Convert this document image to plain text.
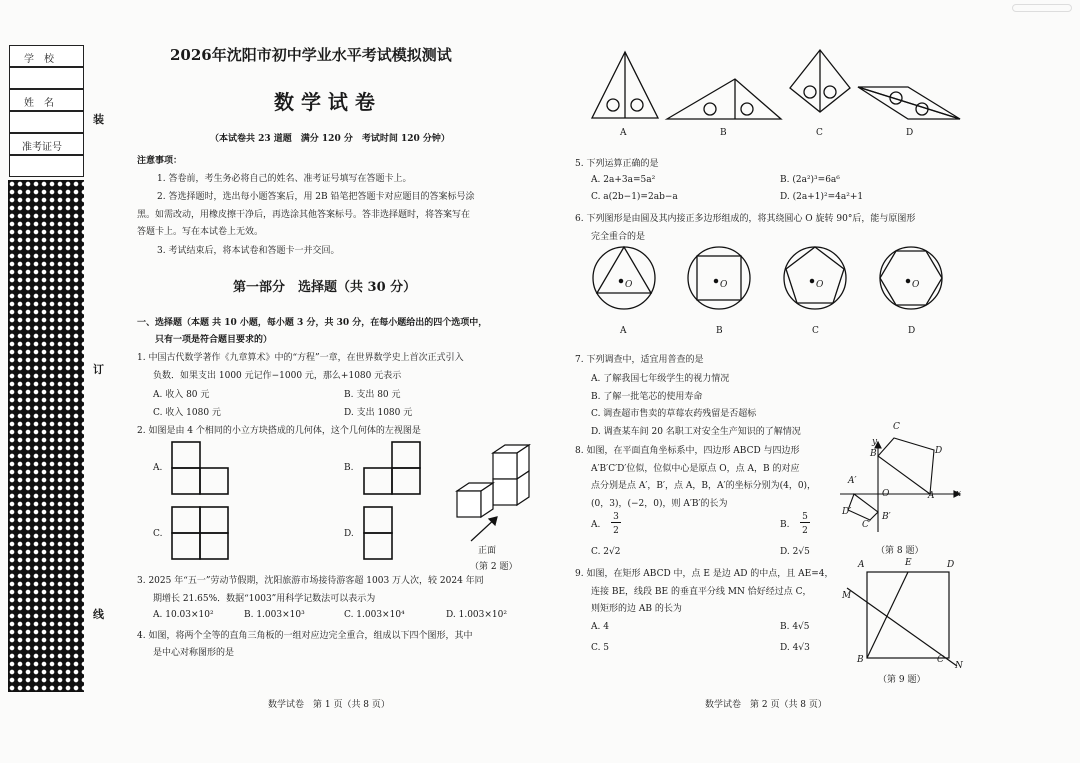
学　校
姓　名
准考证号
装
订
线
2026年沈阳市初中学业水平考试模拟测试
数 学 试 卷
（本试卷共 23 道题　满分 120 分　考试时间 120 分钟）
注意事项：
1. 答卷前，考生务必将自己的姓名、准考证号填写在答题卡上。
2. 答选择题时，选出每小题答案后，用 2B 铅笔把答题卡对应题目的答案标号涂
黑。如需改动，用橡皮擦干净后，再选涂其他答案标号。答非选择题时，将答案写在
答题卡上。写在本试卷上无效。
3. 考试结束后，将本试卷和答题卡一并交回。
第一部分　选择题（共 30 分）
一、选择题（本题 共 10 小题，每小题 3 分，共 30 分，在每小题给出的四个选项中，
只有一项是符合题目要求的）
1. 中国古代数学著作《九章算术》中的“方程”一章，在世界数学史上首次正式引入
负数．如果支出 1000 元记作−1000 元，那么+1080 元表示
A. 收入 80 元	B. 支出 80 元
C. 收入 1080 元	D. 支出 1080 元
2. 如图是由 4 个相同的小立方块搭成的几何体，这个几何体的左视图是
A.	B.
C.	D.
正面
（第 2 题）
3. 2025 年“五一”劳动节假期，沈阳旅游市场接待游客超 1003 万人次，较 2024 年同
期增长 21.65%．数据“1003”用科学记数法可以表示为
A. 10.03×10²	B. 1.003×10³	C. 1.003×10⁴	D. 1.003×10²
4. 如图，将两个全等的直角三角板的一组对应边完全重合，组成以下四个图形，其中
是中心对称图形的是
数学试卷　第 1 页（共 8 页）
A	B	C	D
5. 下列运算正确的是
A. 2a+3a=5a²	B. (2a²)³=6a⁶
C. a(2b−1)=2ab−a	D. (2a+1)²=4a²+1
6. 下列图形是由圆及其内接正多边形组成的，将其绕圆心 O 旋转 90°后，能与原图形
完全重合的是
O	O	O	O
A	B	C	D
7. 下列调查中，适宜用普查的是
A. 了解我国七年级学生的视力情况
B. 了解一批笔芯的使用寿命
C. 调查超市售卖的草莓农药残留是否超标
D. 调查某车间 20 名职工对安全生产知识的了解情况
8. 如图，在平面直角坐标系中，四边形 ABCD 与四边形
A′B′C′D′位似，位似中心是原点 O，点 A，B 的对应
点分别是点 A′，B′，点 A，B，A′的坐标分别为(4，0)，
(0，3)，(−2，0)，则 A′B′的长为
A.
3
2
B.
5
2
C. 2√2	D. 2√5
y
x
O	A
B
C
D
A′
B′
C′
D′
（第 8 题）
9. 如图，在矩形 ABCD 中，点 E 是边 AD 的中点，且 AE=4，
连接 BE，线段 BE 的垂直平分线 MN 恰好经过点 C，
则矩形的边 AB 的长为
A. 4	B. 4√5
C. 5	D. 4√3
A	E	D
M
B	C
N
（第 9 题）
数学试卷　第 2 页（共 8 页）
